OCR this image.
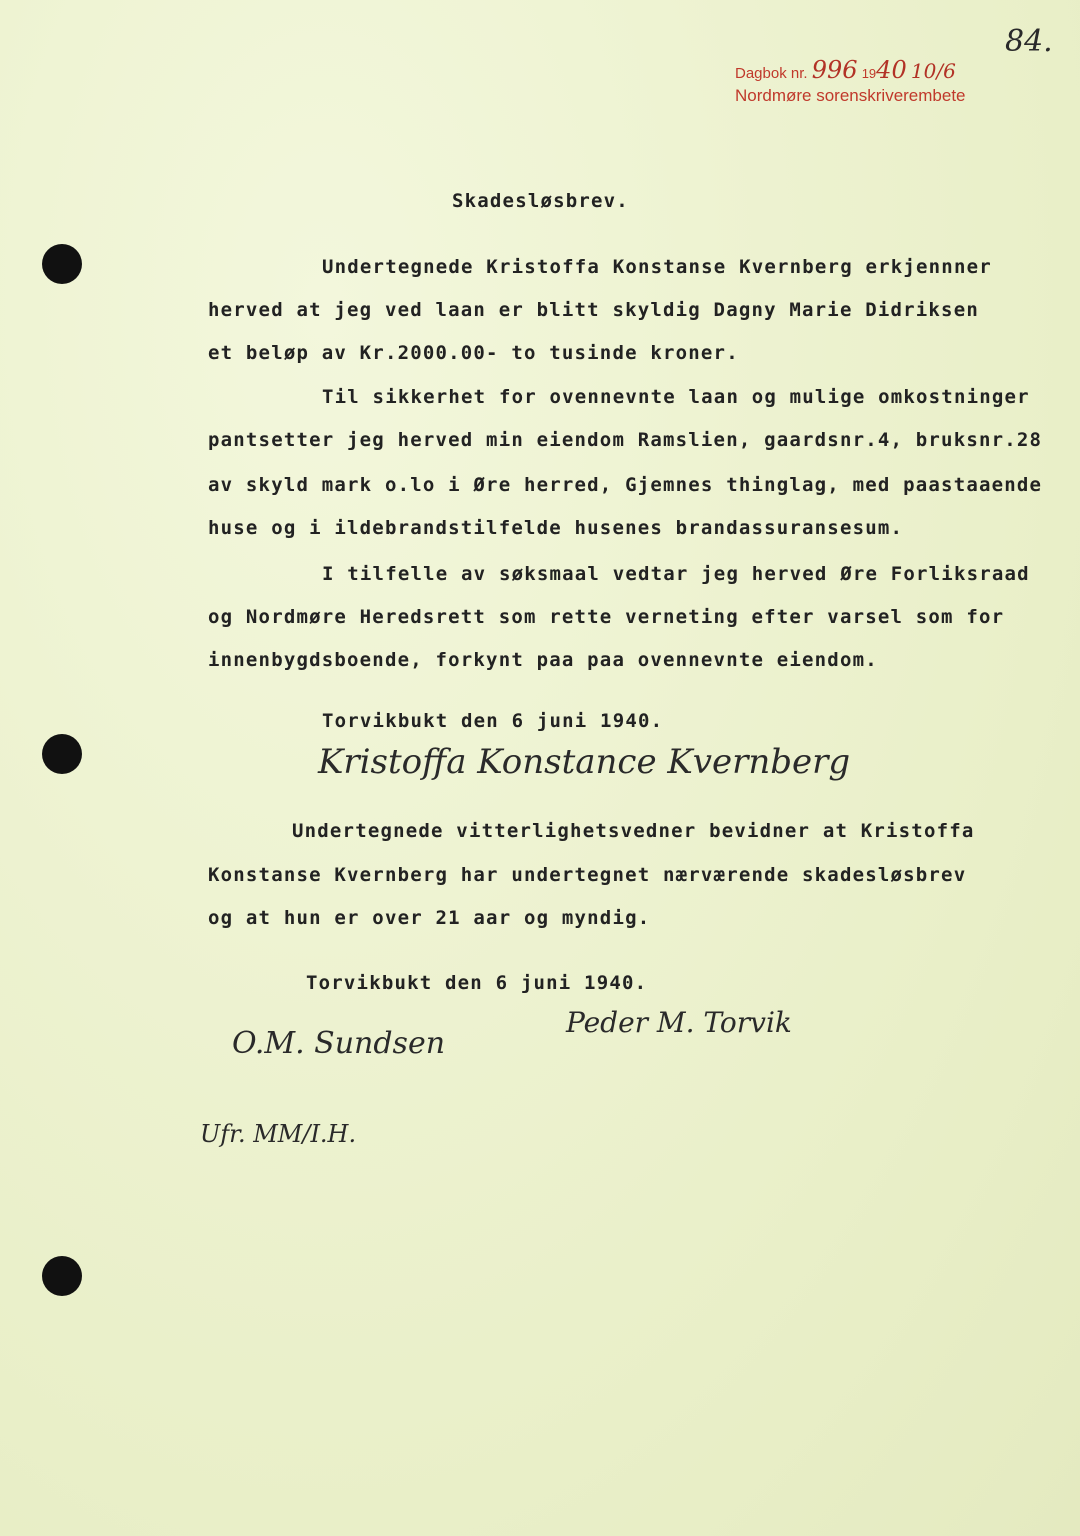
84.
Dagbok nr. 996 1940 10/6
Nordmøre sorenskriverembete
Skadesløsbrev.
Undertegnede Kristoffa Konstanse Kvernberg erkjennner
herved at jeg ved laan er blitt skyldig Dagny Marie Didriksen
et beløp av Kr.2000.00- to tusinde kroner.
Til sikkerhet for ovennevnte laan og mulige omkostninger
pantsetter jeg herved min eiendom Ramslien, gaardsnr.4, bruksnr.28
av skyld mark o.lo i Øre herred, Gjemnes thinglag, med paastaaende
huse og i ildebrandstilfelde husenes brandassuransesum.
I tilfelle av søksmaal vedtar jeg herved Øre Forliksraad
og Nordmøre Heredsrett som rette verneting efter varsel som for
innenbygdsboende, forkynt paa paa ovennevnte eiendom.
Torvikbukt den 6 juni 1940.
Kristoffa Konstance Kvernberg
Undertegnede vitterlighetsvedner bevidner at Kristoffa
Konstanse Kvernberg har undertegnet nærværende skadesløsbrev
og at hun er over 21 aar og myndig.
Torvikbukt den 6 juni 1940.
O.M. Sundsen
Peder M. Torvik
Ufr. MM/I.H.
